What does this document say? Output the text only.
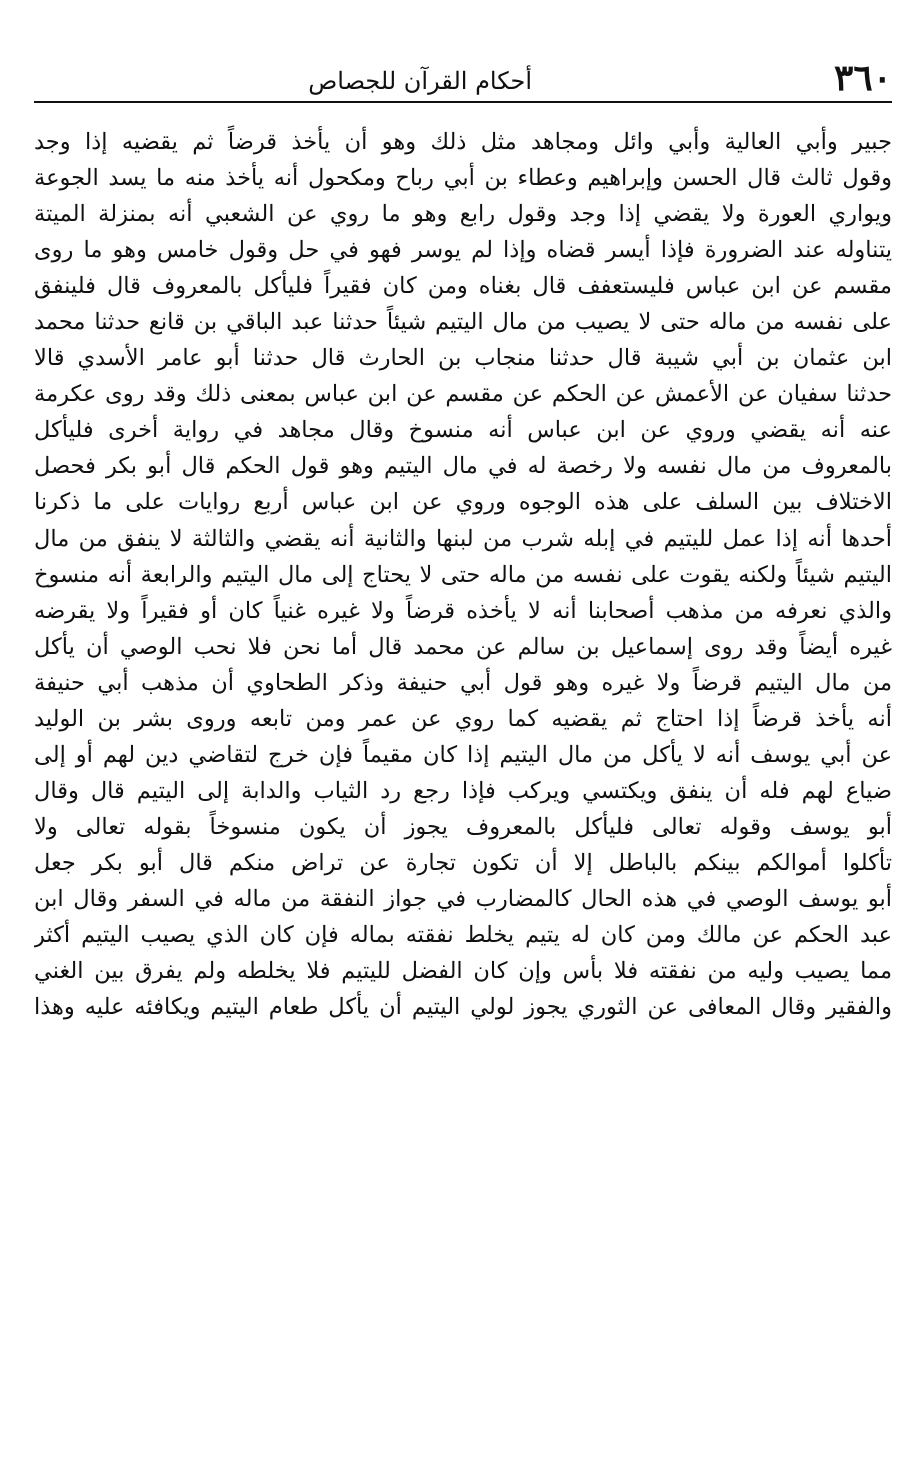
٣٦٠
أحكام القرآن للجصاص
جبير وأبي العالية وأبي وائل ومجاهد مثل ذلك وهو أن يأخذ قرضاً ثم يقضيه إذا وجد
وقول ثالث قال الحسن وإبراهيم وعطاء بن أبي رباح ومكحول أنه يأخذ منه ما يسد الجوعة
ويواري العورة ولا يقضي إذا وجد وقول رابع وهو ما روي عن الشعبي أنه بمنزلة الميتة
يتناوله عند الضرورة فإذا أيسر قضاه وإذا لم يوسر فهو في حل وقول خامس وهو ما روى
مقسم عن ابن عباس فليستعفف قال بغناه ومن كان فقيراً فليأكل بالمعروف قال فلينفق
على نفسه من ماله حتى لا يصيب من مال اليتيم شيئاً حدثنا عبد الباقي بن قانع حدثنا محمد
ابن عثمان بن أبي شيبة قال حدثنا منجاب بن الحارث قال حدثنا أبو عامر الأسدي قالا
حدثنا سفيان عن الأعمش عن الحكم عن مقسم عن ابن عباس بمعنى ذلك وقد روى عكرمة
عنه أنه يقضي وروي عن ابن عباس أنه منسوخ وقال مجاهد في رواية أخرى فليأكل
بالمعروف من مال نفسه ولا رخصة له في مال اليتيم وهو قول الحكم قال أبو بكر فحصل
الاختلاف بين السلف على هذه الوجوه وروي عن ابن عباس أربع روايات على ما ذكرنا
أحدها أنه إذا عمل لليتيم في إبله شرب من لبنها والثانية أنه يقضي والثالثة لا ينفق من مال
اليتيم شيئاً ولكنه يقوت على نفسه من ماله حتى لا يحتاج إلى مال اليتيم والرابعة أنه منسوخ
والذي نعرفه من مذهب أصحابنا أنه لا يأخذه قرضاً ولا غيره غنياً كان أو فقيراً ولا يقرضه
غيره أيضاً وقد روى إسماعيل بن سالم عن محمد قال أما نحن فلا نحب الوصي أن يأكل
من مال اليتيم قرضاً ولا غيره وهو قول أبي حنيفة وذكر الطحاوي أن مذهب أبي حنيفة
أنه يأخذ قرضاً إذا احتاج ثم يقضيه كما روي عن عمر ومن تابعه وروى بشر بن الوليد
عن أبي يوسف أنه لا يأكل من مال اليتيم إذا كان مقيماً فإن خرج لتقاضي دين لهم أو إلى
ضياع لهم فله أن ينفق ويكتسي ويركب فإذا رجع رد الثياب والدابة إلى اليتيم قال وقال
أبو يوسف وقوله تعالى فليأكل بالمعروف يجوز أن يكون منسوخاً بقوله تعالى ولا
تأكلوا أموالكم بينكم بالباطل إلا أن تكون تجارة عن تراض منكم قال أبو بكر جعل
أبو يوسف الوصي في هذه الحال كالمضارب في جواز النفقة من ماله في السفر وقال ابن
عبد الحكم عن مالك ومن كان له يتيم يخلط نفقته بماله فإن كان الذي يصيب اليتيم أكثر
مما يصيب وليه من نفقته فلا بأس وإن كان الفضل لليتيم فلا يخلطه ولم يفرق بين الغني
والفقير وقال المعافى عن الثوري يجوز لولي اليتيم أن يأكل طعام اليتيم ويكافئه عليه وهذا
